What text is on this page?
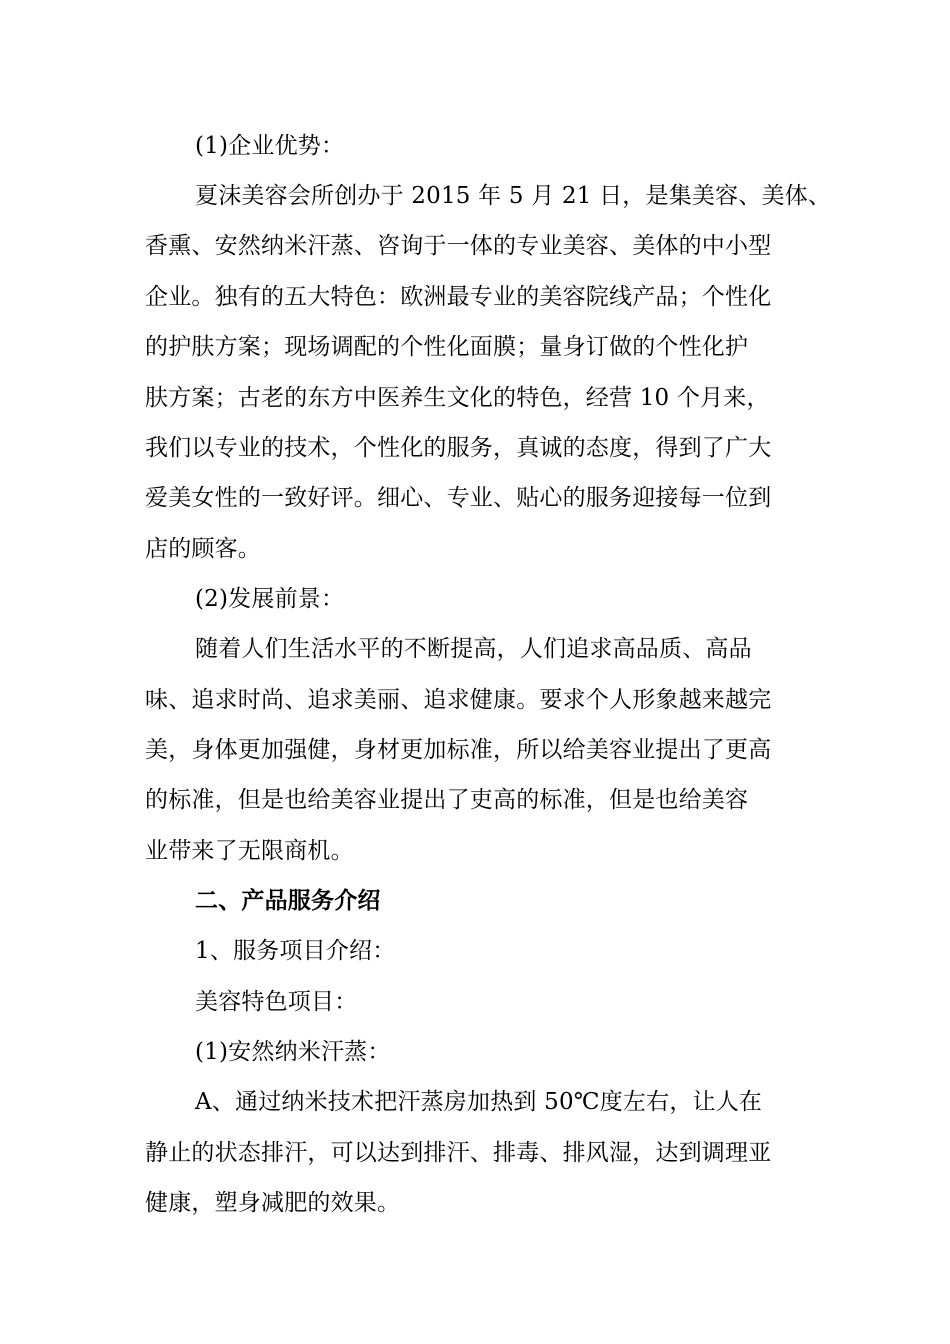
(1)企业优势：
夏沫美容会所创办于 2015 年 5 月 21 日，是集美容、美体、
香熏、安然纳米汗蒸、咨询于一体的专业美容、美体的中小型
企业。独有的五大特色：欧洲最专业的美容院线产品；个性化
的护肤方案；现场调配的个性化面膜；量身订做的个性化护
肤方案；古老的东方中医养生文化的特色，经营 10 个月来，
我们以专业的技术，个性化的服务，真诚的态度，得到了广大
爱美女性的一致好评。细心、专业、贴心的服务迎接每一位到
店的顾客。
(2)发展前景：
随着人们生活水平的不断提高，人们追求高品质、高品
味、追求时尚、追求美丽、追求健康。要求个人形象越来越完
美，身体更加强健，身材更加标准，所以给美容业提出了更高
的标准，但是也给美容业提出了吏高的标准，但是也给美容
业带来了无限商机。
二、产品服务介绍
1、服务项目介绍：
美容特色项目：
(1)安然纳米汗蒸：
A、通过纳米技术把汗蒸房加热到 50℃度左右，让人在
静止的状态排汗，可以达到排汗、排毒、排风湿，达到调理亚
健康，塑身减肥的效果。
